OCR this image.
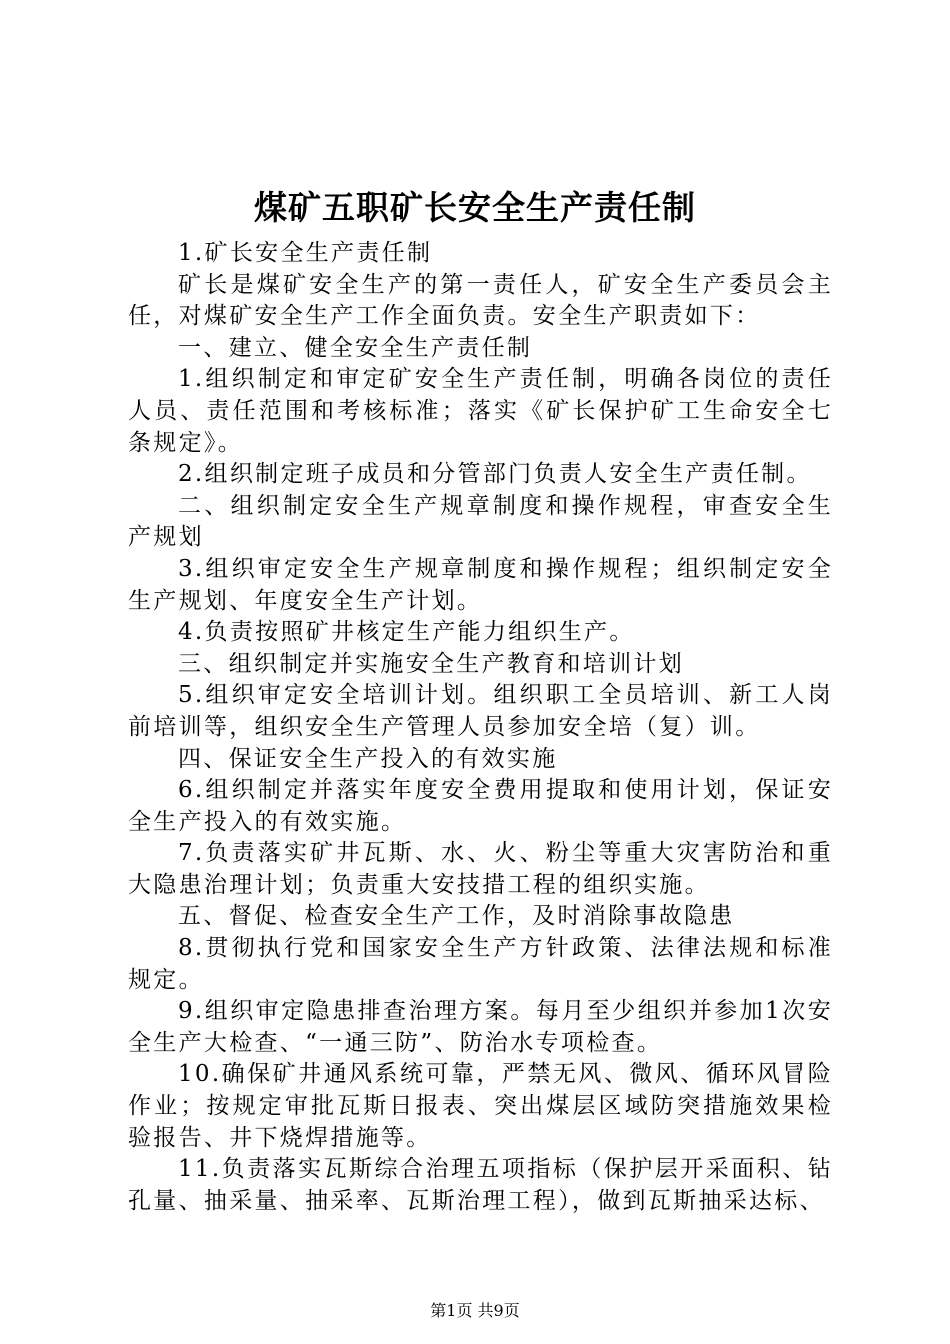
煤矿五职矿长安全生产责任制

1.矿长安全生产责任制

矿长是煤矿安全生产的第一责任人，矿安全生产委员会主任，对煤矿安全生产工作全面负责。安全生产职责如下：

一、建立、健全安全生产责任制

1.组织制定和审定矿安全生产责任制，明确各岗位的责任人员、责任范围和考核标准；落实《矿长保护矿工生命安全七条规定》。

2.组织制定班子成员和分管部门负责人安全生产责任制。

二、组织制定安全生产规章制度和操作规程，审查安全生产规划

3.组织审定安全生产规章制度和操作规程；组织制定安全生产规划、年度安全生产计划。

4.负责按照矿井核定生产能力组织生产。

三、组织制定并实施安全生产教育和培训计划

5.组织审定安全培训计划。组织职工全员培训、新工人岗前培训等，组织安全生产管理人员参加安全培（复）训。

四、保证安全生产投入的有效实施

6.组织制定并落实年度安全费用提取和使用计划，保证安全生产投入的有效实施。

7.负责落实矿井瓦斯、水、火、粉尘等重大灾害防治和重大隐患治理计划；负责重大安技措工程的组织实施。

五、督促、检查安全生产工作，及时消除事故隐患

8.贯彻执行党和国家安全生产方针政策、法律法规和标准规定。

9.组织审定隐患排查治理方案。每月至少组织并参加1次安全生产大检查、“一通三防”、防治水专项检查。

10.确保矿井通风系统可靠，严禁无风、微风、循环风冒险作业；按规定审批瓦斯日报表、突出煤层区域防突措施效果检验报告、井下烧焊措施等。

11.负责落实瓦斯综合治理五项指标（保护层开采面积、钻孔量、抽采量、抽采率、瓦斯治理工程），做到瓦斯抽采达标、

第1页 共9页
